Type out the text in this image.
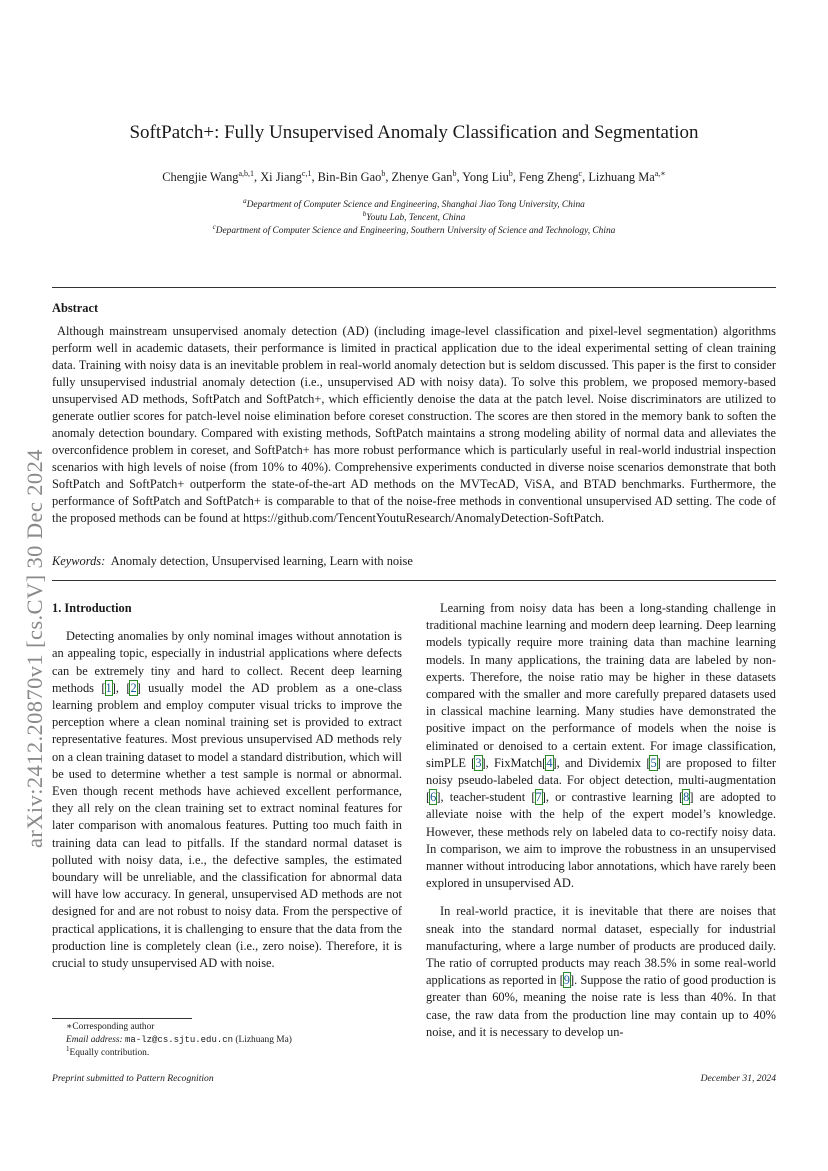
arXiv:2412.20870v1 [cs.CV] 30 Dec 2024
SoftPatch+: Fully Unsupervised Anomaly Classification and Segmentation
Chengjie Wang$^{a,b,1}$, Xi Jiang$^{c,1}$, Bin-Bin Gao$^b$, Zhenye Gan$^b$, Yong Liu$^b$, Feng Zheng$^c$, Lizhuang $Ma^{a,∗}$
$^a$Department of Computer Science and Engineering, Shanghai Jiao Tong University, China
$^b$Youtu Lab, Tencent, China
$^c$Department of Computer Science and Engineering, Southern University of Science and Technology, China
Abstract

Although mainstream unsupervised anomaly detection (AD) (including image-level classification and pixel-level segmentation) algorithms perform well in academic datasets, their performance is limited in practical application due to the ideal experimental setting of clean training data. Training with noisy data is an inevitable problem in real-world anomaly detection but is seldom discussed. This paper is the first to consider fully unsupervised industrial anomaly detection (i.e., unsupervised AD with noisy data). To solve this problem, we proposed memory-based unsupervised AD methods, SoftPatch and SoftPatch+, which efficiently denoise the data at the patch level. Noise discriminators are utilized to generate outlier scores for patch-level noise elimination before coreset construction. The scores are then stored in the memory bank to soften the anomaly detection boundary. Compared with existing methods, SoftPatch maintains a strong modeling ability of normal data and alleviates the overconfidence problem in coreset, and SoftPatch+ has more robust performance which is particularly useful in real-world industrial inspection scenarios with high levels of noise (from 10% to 40%). Comprehensive experiments conducted in diverse noise scenarios demonstrate that both SoftPatch and SoftPatch+ outperform the state-of-the-art AD methods on the MVTecAD, ViSA, and BTAD benchmarks. Furthermore, the performance of SoftPatch and SoftPatch+ is comparable to that of the noise-free methods in conventional unsupervised AD setting. The code of the proposed methods can be found at https://github.com/TencentYoutuResearch/AnomalyDetection-SoftPatch.

Keywords: Anomaly detection, Unsupervised learning, Learn with noise
1. Introduction

Detecting anomalies by only nominal images without annotation is an appealing topic, especially in industrial applications where defects can be extremely tiny and hard to collect. Recent deep learning methods [1], [2] usually model the AD problem as a one-class learning problem and employ computer visual tricks to improve the perception where a clean nominal training set is provided to extract representative features. Most previous unsupervised AD methods rely on a clean training dataset to model a standard distribution, which will be used to determine whether a test sample is normal or abnormal. Even though recent methods have achieved excellent performance, they all rely on the clean training set to extract nominal features for later comparison with anomalous features. Putting too much faith in training data can lead to pitfalls. If the standard normal dataset is polluted with noisy data, i.e., the defective samples, the estimated boundary will be unreliable, and the classification for abnormal data will have low accuracy. In general, unsupervised AD methods are not designed for and are not robust to noisy data. From the perspective of practical applications, it is challenging to ensure that the data from the production line is completely clean (i.e., zero noise). Therefore, it is crucial to study unsupervised AD with noise.

Learning from noisy data has been a long-standing challenge in traditional machine learning and modern deep learning. Deep learning models typically require more training data than machine learning models. In many applications, the training data are labeled by non-experts. Therefore, the noise ratio may be higher in these datasets compared with the smaller and more carefully prepared datasets used in classical machine learning. Many studies have demonstrated the positive impact on the performance of models when the noise is eliminated or denoised to a certain extent. For image classification, simPLE [3], FixMatch[4], and Dividemix [5] are proposed to filter noisy pseudo-labeled data. For object detection, multi-augmentation [6], teacher-student [7], or contrastive learning [8] are adopted to alleviate noise with the help of the expert model’s knowledge. However, these methods rely on labeled data to co-rectify noisy data. In comparison, we aim to improve the robustness in an unsupervised manner without introducing labor annotations, which have rarely been explored in unsupervised AD.

In real-world practice, it is inevitable that there are noises that sneak into the standard normal dataset, especially for industrial manufacturing, where a large number of products are produced daily. The ratio of corrupted products may reach 38.5% in some real-world applications as reported in [9]. Suppose the ratio of good production is greater than 60%, meaning the noise rate is less than 40%. In that case, the raw data from the production line may contain up to 40% noise, and it is necessary to develop un-

∗Corresponding author
Email address: ma-lz@cs.sjtu.edu.cn (Lizhuang Ma)
$^1$Equally contribution.
Preprint submitted to Pattern Recognition	December 31, 2024
